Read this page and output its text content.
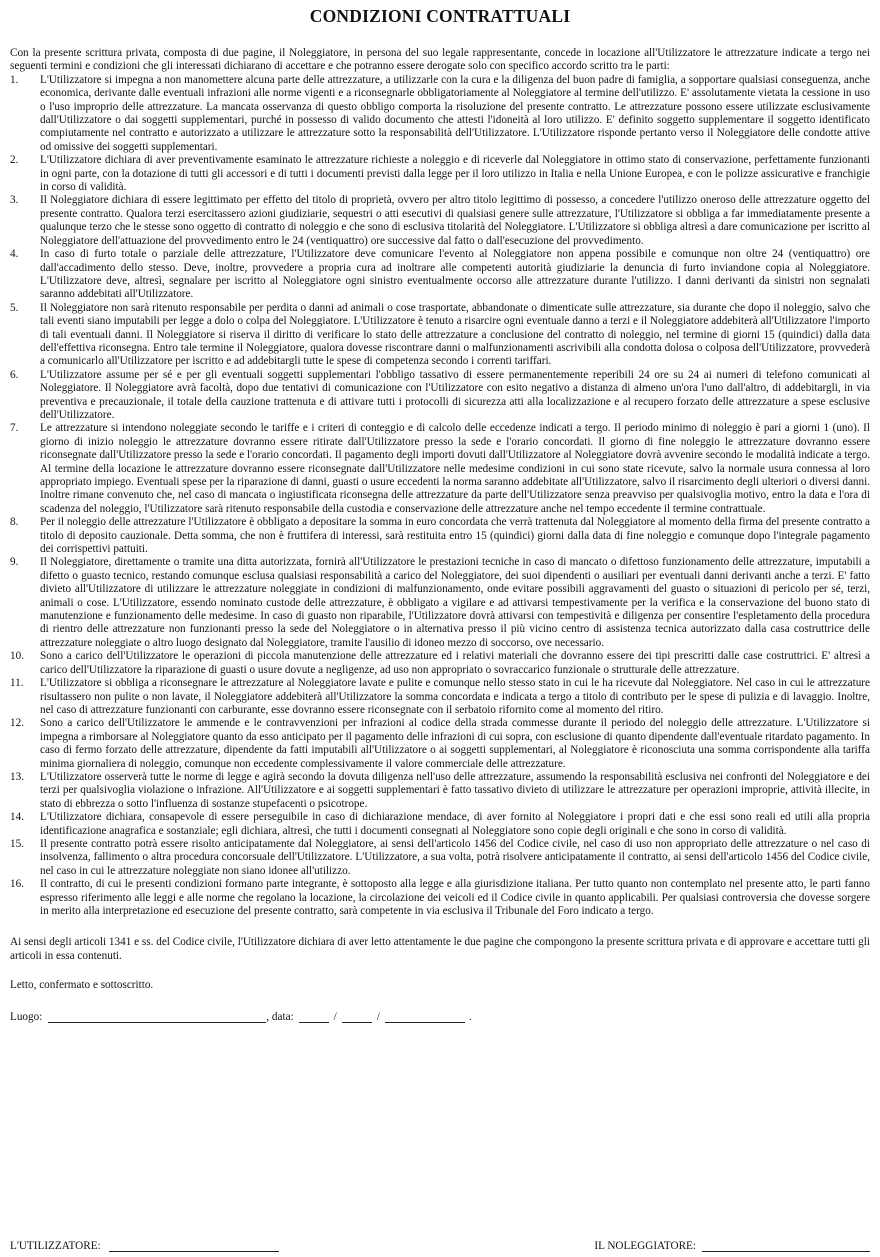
CONDIZIONI CONTRATTUALI

Con la presente scrittura privata, composta di due pagine, il Noleggiatore, in persona del suo legale rappresentante, concede in locazione all'Utilizzatore le attrezzature indicate a tergo nei seguenti termini e condizioni che gli interessati dichiarano di accettare e che potranno essere derogate solo con specifico accordo scritto tra le parti:

1.	L'Utilizzatore si impegna a non manomettere alcuna parte delle attrezzature, a utilizzarle con la cura e la diligenza del buon padre di famiglia, a sopportare qualsiasi conseguenza, anche economica, derivante dalle eventuali infrazioni alle norme vigenti e a riconsegnarle obbligatoriamente al Noleggiatore al termine dell'utilizzo. E' assolutamente vietata la cessione in uso o l'uso improprio delle attrezzature. La mancata osservanza di questo obbligo comporta la risoluzione del presente contratto. Le attrezzature possono essere utilizzate esclusivamente dall'Utilizzatore o dai soggetti supplementari, purché in possesso di valido documento che attesti l'idoneità al loro utilizzo. E' definito soggetto supplementare il soggetto identificato compiutamente nel contratto e autorizzato a utilizzare le attrezzature sotto la responsabilità dell'Utilizzatore. L'Utilizzatore risponde pertanto verso il Noleggiatore delle condotte attive od omissive dei soggetti supplementari.
2.	L'Utilizzatore dichiara di aver preventivamente esaminato le attrezzature richieste a noleggio e di riceverle dal Noleggiatore in ottimo stato di conservazione, perfettamente funzionanti in ogni parte, con la dotazione di tutti gli accessori e di tutti i documenti previsti dalla legge per il loro utilizzo in Italia e nella Unione Europea, e con le polizze assicurative e franchigie in corso di validità.
3.	Il Noleggiatore dichiara di essere legittimato per effetto del titolo di proprietà, ovvero per altro titolo legittimo di possesso, a concedere l'utilizzo oneroso delle attrezzature oggetto del presente contratto. Qualora terzi esercitassero azioni giudiziarie, sequestri o atti esecutivi di qualsiasi genere sulle attrezzature, l'Utilizzatore si obbliga a far immediatamente presente a qualunque terzo che le stesse sono oggetto di contratto di noleggio e che sono di esclusiva titolarità del Noleggiatore. L'Utilizzatore si obbliga altresì a dare comunicazione per iscritto al Noleggiatore dell'attuazione del provvedimento entro le 24 (ventiquattro) ore successive dal fatto o dall'esecuzione del provvedimento.
4.	In caso di furto totale o parziale delle attrezzature, l'Utilizzatore deve comunicare l'evento al Noleggiatore non appena possibile e comunque non oltre 24 (ventiquattro) ore dall'accadimento dello stesso. Deve, inoltre, provvedere a propria cura ad inoltrare alle competenti autorità giudiziarie la denuncia di furto inviandone copia al Noleggiatore. L'Utilizzatore deve, altresì, segnalare per iscritto al Noleggiatore ogni sinistro eventualmente occorso alle attrezzature durante l'utilizzo. I danni derivanti da sinistri non segnalati saranno addebitati all'Utilizzatore.
5.	Il Noleggiatore non sarà ritenuto responsabile per perdita o danni ad animali o cose trasportate, abbandonate o dimenticate sulle attrezzature, sia durante che dopo il noleggio, salvo che tali eventi siano imputabili per legge a dolo o colpa del Noleggiatore. L'Utilizzatore è tenuto a risarcire ogni eventuale danno a terzi e il Noleggiatore addebiterà all'Utilizzatore l'importo di tali eventuali danni. Il Noleggiatore si riserva il diritto di verificare lo stato delle attrezzature a conclusione del contratto di noleggio, nel termine di giorni 15 (quindici) dalla data dell'effettiva riconsegna. Entro tale termine il Noleggiatore, qualora dovesse riscontrare danni o malfunzionamenti ascrivibili alla condotta dolosa o colposa dell'Utilizzatore, provvederà a comunicarlo all'Utilizzatore per iscritto e ad addebitargli tutte le spese di competenza secondo i correnti tariffari.
6.	L'Utilizzatore assume per sé e per gli eventuali soggetti supplementari l'obbligo tassativo di essere permanentemente reperibili 24 ore su 24 ai numeri di telefono comunicati al Noleggiatore. Il Noleggiatore avrà facoltà, dopo due tentativi di comunicazione con l'Utilizzatore con esito negativo a distanza di almeno un'ora l'uno dall'altro, di addebitargli, in via preventiva e precauzionale, il totale della cauzione trattenuta e di attivare tutti i protocolli di sicurezza atti alla localizzazione e al recupero forzato delle attrezzature a spese esclusive dell'Utilizzatore.
7.	Le attrezzature si intendono noleggiate secondo le tariffe e i criteri di conteggio e di calcolo delle eccedenze indicati a tergo. Il periodo minimo di noleggio è pari a giorni 1 (uno). Il giorno di inizio noleggio le attrezzature dovranno essere ritirate dall'Utilizzatore presso la sede e l'orario concordati. Il giorno di fine noleggio le attrezzature dovranno essere riconsegnate dall'Utilizzatore presso la sede e l'orario concordati. Il pagamento degli importi dovuti dall'Utilizzatore al Noleggiatore dovrà avvenire secondo le modalità indicate a tergo. Al termine della locazione le attrezzature dovranno essere riconsegnate dall'Utilizzatore nelle medesime condizioni in cui sono state ricevute, salvo la normale usura connessa al loro appropriato impiego. Eventuali spese per la riparazione di danni, guasti o usure eccedenti la norma saranno addebitate all'Utilizzatore, salvo il risarcimento degli ulteriori o diversi danni. Inoltre rimane convenuto che, nel caso di mancata o ingiustificata riconsegna delle attrezzature da parte dell'Utilizzatore senza preavviso per qualsivoglia motivo, entro la data e l'ora di scadenza del noleggio, l'Utilizzatore sarà ritenuto responsabile della custodia e conservazione delle attrezzature anche nel tempo eccedente il termine contrattuale.
8.	Per il noleggio delle attrezzature l'Utilizzatore è obbligato a depositare la somma in euro concordata che verrà trattenuta dal Noleggiatore al momento della firma del presente contratto a titolo di deposito cauzionale. Detta somma, che non è fruttifera di interessi, sarà restituita entro 15 (quindici) giorni dalla data di fine noleggio e comunque dopo l'integrale pagamento dei corrispettivi pattuiti.
9.	Il Noleggiatore, direttamente o tramite una ditta autorizzata, fornirà all'Utilizzatore le prestazioni tecniche in caso di mancato o difettoso funzionamento delle attrezzature, imputabili a difetto o guasto tecnico, restando comunque esclusa qualsiasi responsabilità a carico del Noleggiatore, dei suoi dipendenti o ausiliari per eventuali danni derivanti anche a terzi. E' fatto divieto all'Utilizzatore di utilizzare le attrezzature noleggiate in condizioni di malfunzionamento, onde evitare possibili aggravamenti del guasto o situazioni di pericolo per sé, terzi, animali o cose. L'Utilizzatore, essendo nominato custode delle attrezzature, è obbligato a vigilare e ad attivarsi tempestivamente per la verifica e la conservazione del buono stato di manutenzione e funzionamento delle medesime. In caso di guasto non riparabile, l'Utilizzatore dovrà attivarsi con tempestività e diligenza per consentire l'espletamento della procedura di rientro delle attrezzature non funzionanti presso la sede del Noleggiatore o in alternativa presso il più vicino centro di assistenza tecnica autorizzato dalla casa costruttrice delle attrezzature noleggiate o altro luogo designato dal Noleggiatore, tramite l'ausilio di idoneo mezzo di soccorso, ove necessario.
10.	Sono a carico dell'Utilizzatore le operazioni di piccola manutenzione delle attrezzature ed i relativi materiali che dovranno essere dei tipi prescritti dalle case costruttrici. E' altresì a carico dell'Utilizzatore la riparazione di guasti o usure dovute a negligenze, ad uso non appropriato o sovraccarico funzionale o strutturale delle attrezzature.
11.	L'Utilizzatore si obbliga a riconsegnare le attrezzature al Noleggiatore lavate e pulite e comunque nello stesso stato in cui le ha ricevute dal Noleggiatore. Nel caso in cui le attrezzature risultassero non pulite o non lavate, il Noleggiatore addebiterà all'Utilizzatore la somma concordata e indicata a tergo a titolo di contributo per le spese di pulizia e di lavaggio. Inoltre, nel caso di attrezzature funzionanti con carburante, esse dovranno essere riconsegnate con il serbatoio rifornito come al momento del ritiro.
12.	Sono a carico dell'Utilizzatore le ammende e le contravvenzioni per infrazioni al codice della strada commesse durante il periodo del noleggio delle attrezzature. L'Utilizzatore si impegna a rimborsare al Noleggiatore quanto da esso anticipato per il pagamento delle infrazioni di cui sopra, con esclusione di quanto dipendente dall'eventuale ritardato pagamento. In caso di fermo forzato delle attrezzature, dipendente da fatti imputabili all'Utilizzatore o ai soggetti supplementari, al Noleggiatore è riconosciuta una somma corrispondente alla tariffa minima giornaliera di noleggio, comunque non eccedente complessivamente il valore commerciale delle attrezzature.
13.	L'Utilizzatore osserverà tutte le norme di legge e agirà secondo la dovuta diligenza nell'uso delle attrezzature, assumendo la responsabilità esclusiva nei confronti del Noleggiatore e dei terzi per qualsivoglia violazione o infrazione. All'Utilizzatore e ai soggetti supplementari è fatto tassativo divieto di utilizzare le attrezzature per operazioni improprie, attività illecite, in stato di ebbrezza o sotto l'influenza di sostanze stupefacenti o psicotrope.
14.	L'Utilizzatore dichiara, consapevole di essere perseguibile in caso di dichiarazione mendace, di aver fornito al Noleggiatore i propri dati e che essi sono reali ed utili alla propria identificazione anagrafica e sostanziale; egli dichiara, altresì, che tutti i documenti consegnati al Noleggiatore sono copie degli originali e che sono in corso di validità.
15.	Il presente contratto potrà essere risolto anticipatamente dal Noleggiatore, ai sensi dell'articolo 1456 del Codice civile, nel caso di uso non appropriato delle attrezzature o nel caso di insolvenza, fallimento o altra procedura concorsuale dell'Utilizzatore. L'Utilizzatore, a sua volta, potrà risolvere anticipatamente il contratto, ai sensi dell'articolo 1456 del Codice civile, nel caso in cui le attrezzature noleggiate non siano idonee all'utilizzo.
16.	Il contratto, di cui le presenti condizioni formano parte integrante, è sottoposto alla legge e alla giurisdizione italiana. Per tutto quanto non contemplato nel presente atto, le parti fanno espresso riferimento alle leggi e alle norme che regolano la locazione, la circolazione dei veicoli ed il Codice civile in quanto applicabili. Per qualsiasi controversia che dovesse sorgere in merito alla interpretazione ed esecuzione del presente contratto, sarà competente in via esclusiva il Tribunale del Foro indicato a tergo.

Ai sensi degli articoli 1341 e ss. del Codice civile, l'Utilizzatore dichiara di aver letto attentamente le due pagine che compongono la presente scrittura privata e di approvare e accettare tutti gli articoli in essa contenuti.

Letto, confermato e sottoscritto.

Luogo:	, data:	/	/	.
L'UTILIZZATORE:	IL NOLEGGIATORE:
